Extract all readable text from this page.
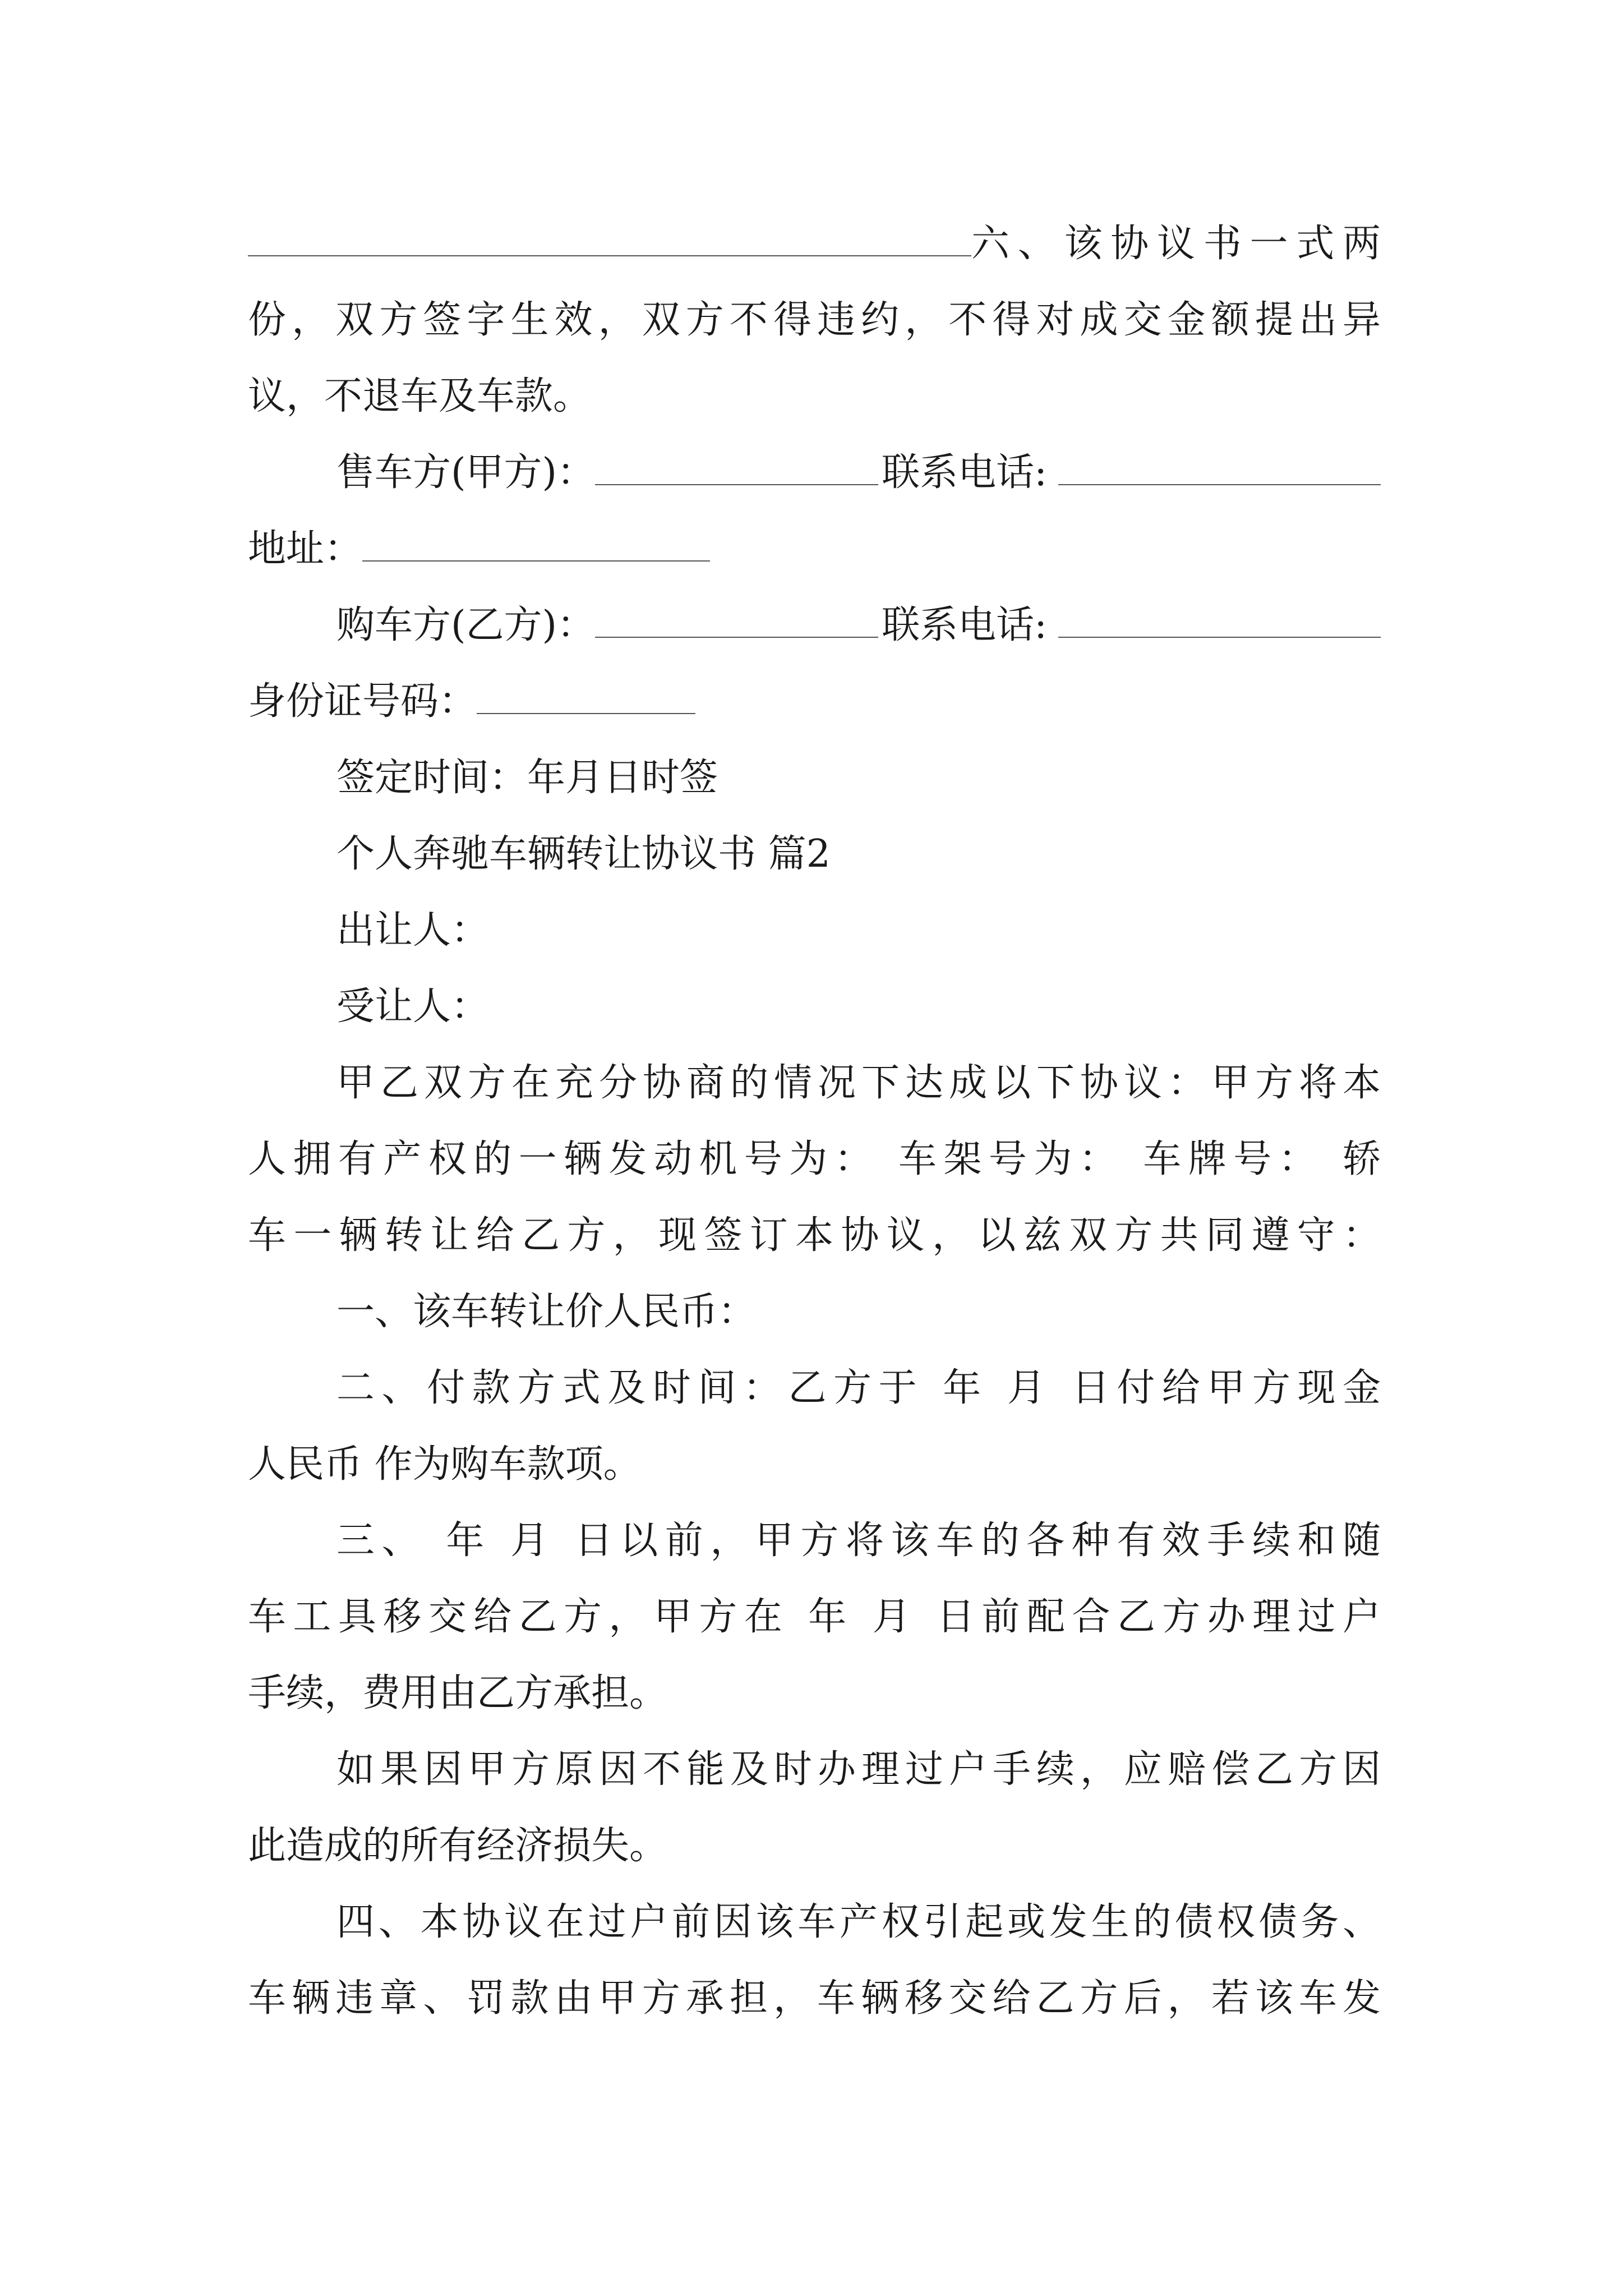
六、该协议书一式两
份，双方签字生效，双方不得违约，不得对成交金额提出异
议，不退车及车款。
售车方(甲方)：	联系电话:
地址：
购车方(乙方)：	联系电话:
身份证号码：
签定时间：年月日时签
个人奔驰车辆转让协议书 篇2
出让人：
受让人：
甲乙双方在充分协商的情况下达成以下协议：甲方将本
人拥有产权的一辆发动机号为： 车架号为： 车牌号： 轿
车一辆转让给乙方，现签订本协议，以兹双方共同遵守：
一、该车转让价人民币：
二、付款方式及时间：乙方于 年 月 日付给甲方现金
人民币 作为购车款项。
三、 年 月 日以前，甲方将该车的各种有效手续和随
车工具移交给乙方，甲方在 年 月 日前配合乙方办理过户
手续，费用由乙方承担。
如果因甲方原因不能及时办理过户手续，应赔偿乙方因
此造成的所有经济损失。
四、本协议在过户前因该车产权引起或发生的债权债务、
车辆违章、罚款由甲方承担，车辆移交给乙方后，若该车发
